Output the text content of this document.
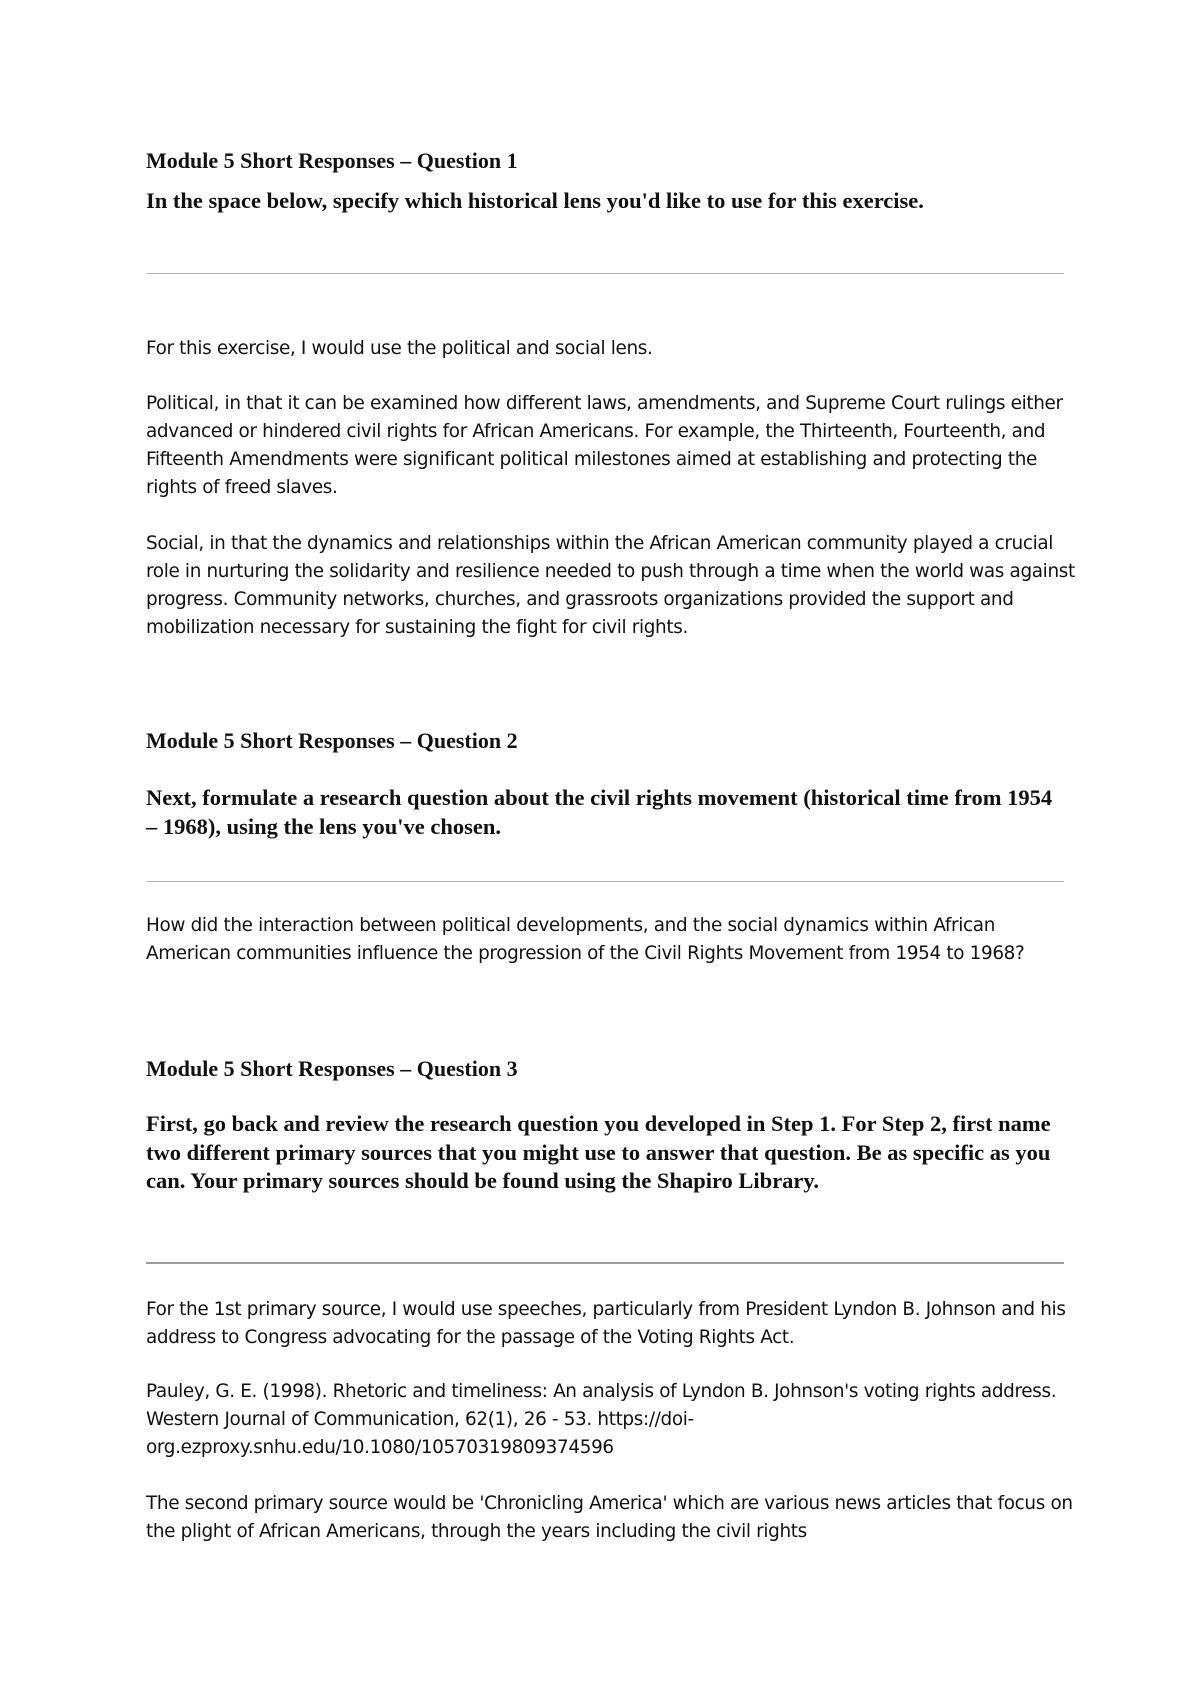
Module 5 Short Responses – Question 1

In the space below, specify which historical lens you'd like to use for this exercise.

For this exercise, I would use the political and social lens.

Political, in that it can be examined how different laws, amendments, and Supreme Court rulings either advanced or hindered civil rights for African Americans. For example, the Thirteenth, Fourteenth, and Fifteenth Amendments were significant political milestones aimed at establishing and protecting the rights of freed slaves.

Social, in that the dynamics and relationships within the African American community played a crucial role in nurturing the solidarity and resilience needed to push through a time when the world was against progress. Community networks, churches, and grassroots organizations provided the support and mobilization necessary for sustaining the fight for civil rights.

Module 5 Short Responses – Question 2

Next, formulate a research question about the civil rights movement (historical time from 1954 – 1968), using the lens you've chosen.

How did the interaction between political developments, and the social dynamics within African American communities influence the progression of the Civil Rights Movement from 1954 to 1968?

Module 5 Short Responses – Question 3

First, go back and review the research question you developed in Step 1. For Step 2, first name two different primary sources that you might use to answer that question. Be as specific as you can. Your primary sources should be found using the Shapiro Library.

For the 1st primary source, I would use speeches, particularly from President Lyndon B. Johnson and his address to Congress advocating for the passage of the Voting Rights Act.

Pauley, G. E. (1998). Rhetoric and timeliness: An analysis of Lyndon B. Johnson's voting rights address. Western Journal of Communication, 62(1), 26 - 53. https://doi-org.ezproxy.snhu.edu/10.1080/10570319809374596

The second primary source would be 'Chronicling America' which are various news articles that focus on the plight of African Americans, through the years including the civil rights
